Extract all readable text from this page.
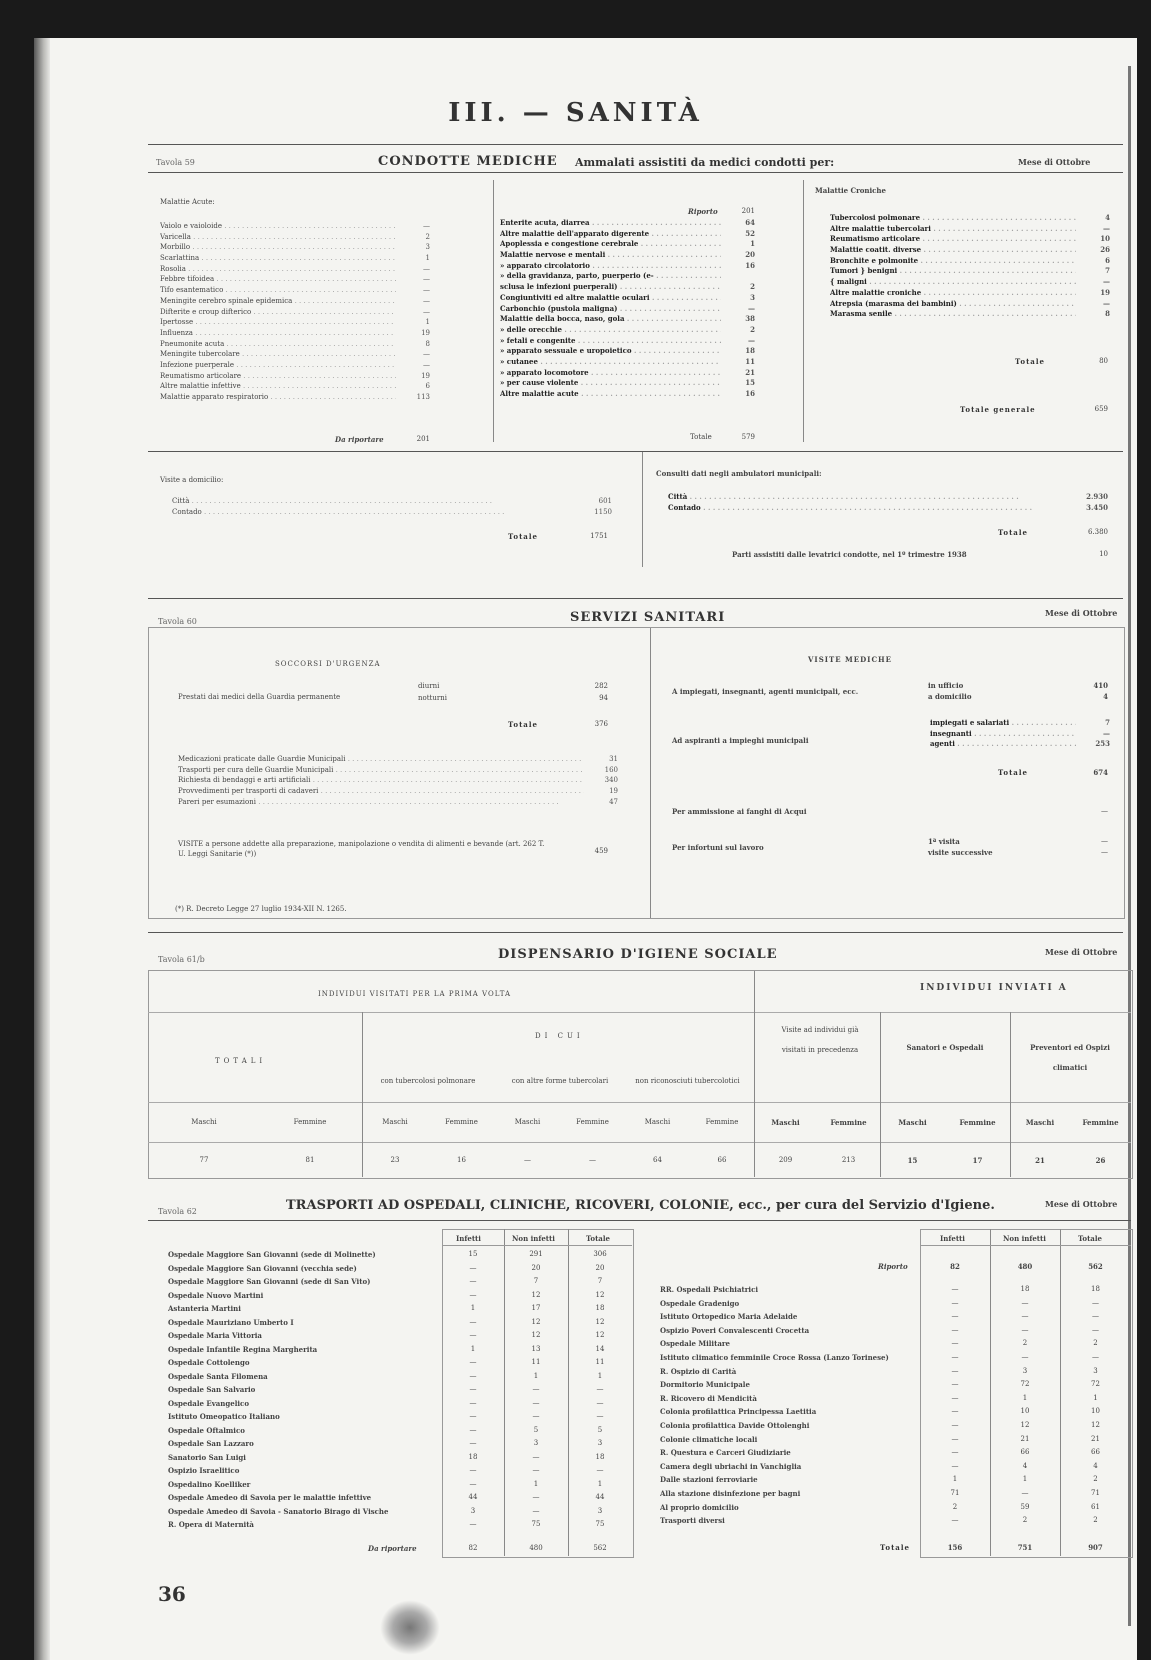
III. — SANITÀ
Tavola 59	CONDOTTE MEDICHE Ammalati assistiti da medici condotti per:	Mese di Ottobre
Malattie Acute:
Vaiolo e vaioloide . . .	—
Varicella . . .	2
Morbillo . . .	3
Scarlattina . . .	1
Rosolia . . .	—
Febbre tifoidea . . .	—
Tifo esantematico . . .	—
Meningite cerebro spinale epidemica . . .	—
Difterite e croup difterico . . .	—
Ipertosse . . .	1
Influenza . . .	19
Pneumonite acuta . . .	8
Meningite tubercolare . . .	—
Infezione puerperale . . .	—
Reumatismo articolare . . .	19
Altre malattie infettive . . .	6
Malattie apparato respiratorio . . .	113
Da riportare	201
Riporto	201
Enterite acuta, diarrea . . .	64
Altre malattie dell'apparato digerente . . .	52
Apoplessia e congestione cerebrale . . .	1
Malattie nervose e mentali . . .	20
» apparato circolatorio . . .	16
» della gravidanza, parto, puerperio (e- . . .
sclusa le infezioni puerperali) . . .	2
Congiuntiviti ed altre malattie oculari . . .	3
Carbonchio (pustola maligna) . . .	—
Malattie della bocca, naso, gola . . .	38
» delle orecchie . . .	2
» fetali e congenite . . .	—
» apparato sessuale e uropoietico . . .	18
» cutanee . . .	11
» apparato locomotore . . .	21
» per cause violente . . .	15
Altre malattie acute . . .	16
Totale	579
Malattie Croniche
Tubercolosi polmonare . . .	4
Altre malattie tubercolari . . .	—
Reumatismo articolare . . .	10
Malattie coatit. diverse . . .	26
Bronchite e polmonite . . .	6
Tumori } benigni . . .	7
{ maligni . . .	—
Altre malattie croniche . . .	19
Atrepsia (marasma dei bambini) . . .	—
Marasma senile . . .	8
Totale	80
Totale generale	659
Visite a domicilio:
Città . . .	601
Contado . . .	1150
Totale	1751
Consulti dati negli ambulatori municipali:
Città . . .	2.930
Contado . . .	3.450
Totale	6.380
Parti assistiti dalle levatrici condotte, nel 1º trimestre 1938	10
Tavola 60	SERVIZI SANITARI	Mese di Ottobre
SOCCORSI D'URGENZA
Prestati dai medici della Guardia permanente
diurni	282
notturni	94
Totale	376
Medicazioni praticate dalle Guardie Municipali . . .	31
Trasporti per cura delle Guardie Municipali . . .	160
Richiesta di bendaggi e arti artificiali . . .	340
Provvedimenti per trasporti di cadaveri . . .	19
Pareri per esumazioni . . .	47
VISITE a persone addette alla preparazione, manipolazione o vendita di alimenti e bevande (art. 262 T. U. Leggi Sanitarie (*))	459
VISITE MEDICHE
A impiegati, insegnanti, agenti municipali, ecc.
in ufficio	410
a domicilio	4
Ad aspiranti a impieghi municipali
impiegati e salariati . . .	7
insegnanti . . .	—
agenti . . .	253
Totale	674
Per ammissione ai fanghi di Acqui	—
Per infortuni sul lavoro
1ª visita	—
visite successive	—
(*) R. Decreto Legge 27 luglio 1934-XII N. 1265.
Tavola 61/b	DISPENSARIO D'IGIENE SOCIALE	Mese di Ottobre
INDIVIDUI VISITATI PER LA PRIMA VOLTA
INDIVIDUI INVIATI A
TOTALI
DI CUI
con tubercolosi polmonare	con altre forme tubercolari	non riconosciuti tubercolotici
Visite ad individui già visitati in precedenza	Sanatori e Ospedali	Preventori ed Ospizi climatici
Maschi	Femmine	Maschi	Femmine	Maschi	Femmine	Maschi	Femmine	Maschi	Femmine	Maschi	Femmine	Maschi	Femmine
77	81	23	16	—	—	64	66	209	213	15	17	21	26
Tavola 62	TRASPORTI AD OSPEDALI, CLINICHE, RICOVERI, COLONIE, ecc., per cura del Servizio d'Igiene.	Mese di Ottobre
Infetti	Non infetti	Totale
Ospedale Maggiore San Giovanni (sede di Molinette)	15	291	306
Ospedale Maggiore San Giovanni (vecchia sede)	—	20	20
Ospedale Maggiore San Giovanni (sede di San Vito)	—	7	7
Ospedale Nuovo Martini	—	12	12
Astanteria Martini	1	17	18
Ospedale Mauriziano Umberto I	—	12	12
Ospedale Maria Vittoria	—	12	12
Ospedale Infantile Regina Margherita	1	13	14
Ospedale Cottolengo	—	11	11
Ospedale Santa Filomena	—	1	1
Ospedale San Salvario	—	—	—
Ospedale Evangelico	—	—	—
Istituto Omeopatico Italiano	—	—	—
Ospedale Oftalmico	—	5	5
Ospedale San Lazzaro	—	3	3
Sanatorio San Luigi	18	—	18
Ospizio Israelitico	—	—	—
Ospedalino Koelliker	—	1	1
Ospedale Amedeo di Savoia per le malattie infettive	44	—	44
Ospedale Amedeo di Savoia - Sanatorio Birago di Vische	3	—	3
R. Opera di Maternità	—	75	75
Da riportare	82	480	562
Infetti	Non infetti	Totale
Riporto	82	480	562
RR. Ospedali Psichiatrici	—	18	18
Ospedale Gradenigo	—	—	—
Istituto Ortopedico Maria Adelaide	—	—	—
Ospizio Poveri Convalescenti Crocetta	—	—	—
Ospedale Militare	—	2	2
Istituto climatico femminile Croce Rossa (Lanzo Torinese)	—	—	—
R. Ospizio di Carità	—	3	3
Dormitorio Municipale	—	72	72
R. Ricovero di Mendicità	—	1	1
Colonia profilattica Principessa Laetitia	—	10	10
Colonia profilattica Davide Ottolenghi	—	12	12
Colonie climatiche locali	—	21	21
R. Questura e Carceri Giudiziarie	—	66	66
Camera degli ubriachi in Vanchiglia	—	4	4
Dalle stazioni ferroviarie	1	1	2
Alla stazione disinfezione per bagni	71	—	71
Al proprio domicilio	2	59	61
Trasporti diversi	—	2	2
Totale	156	751	907
36
